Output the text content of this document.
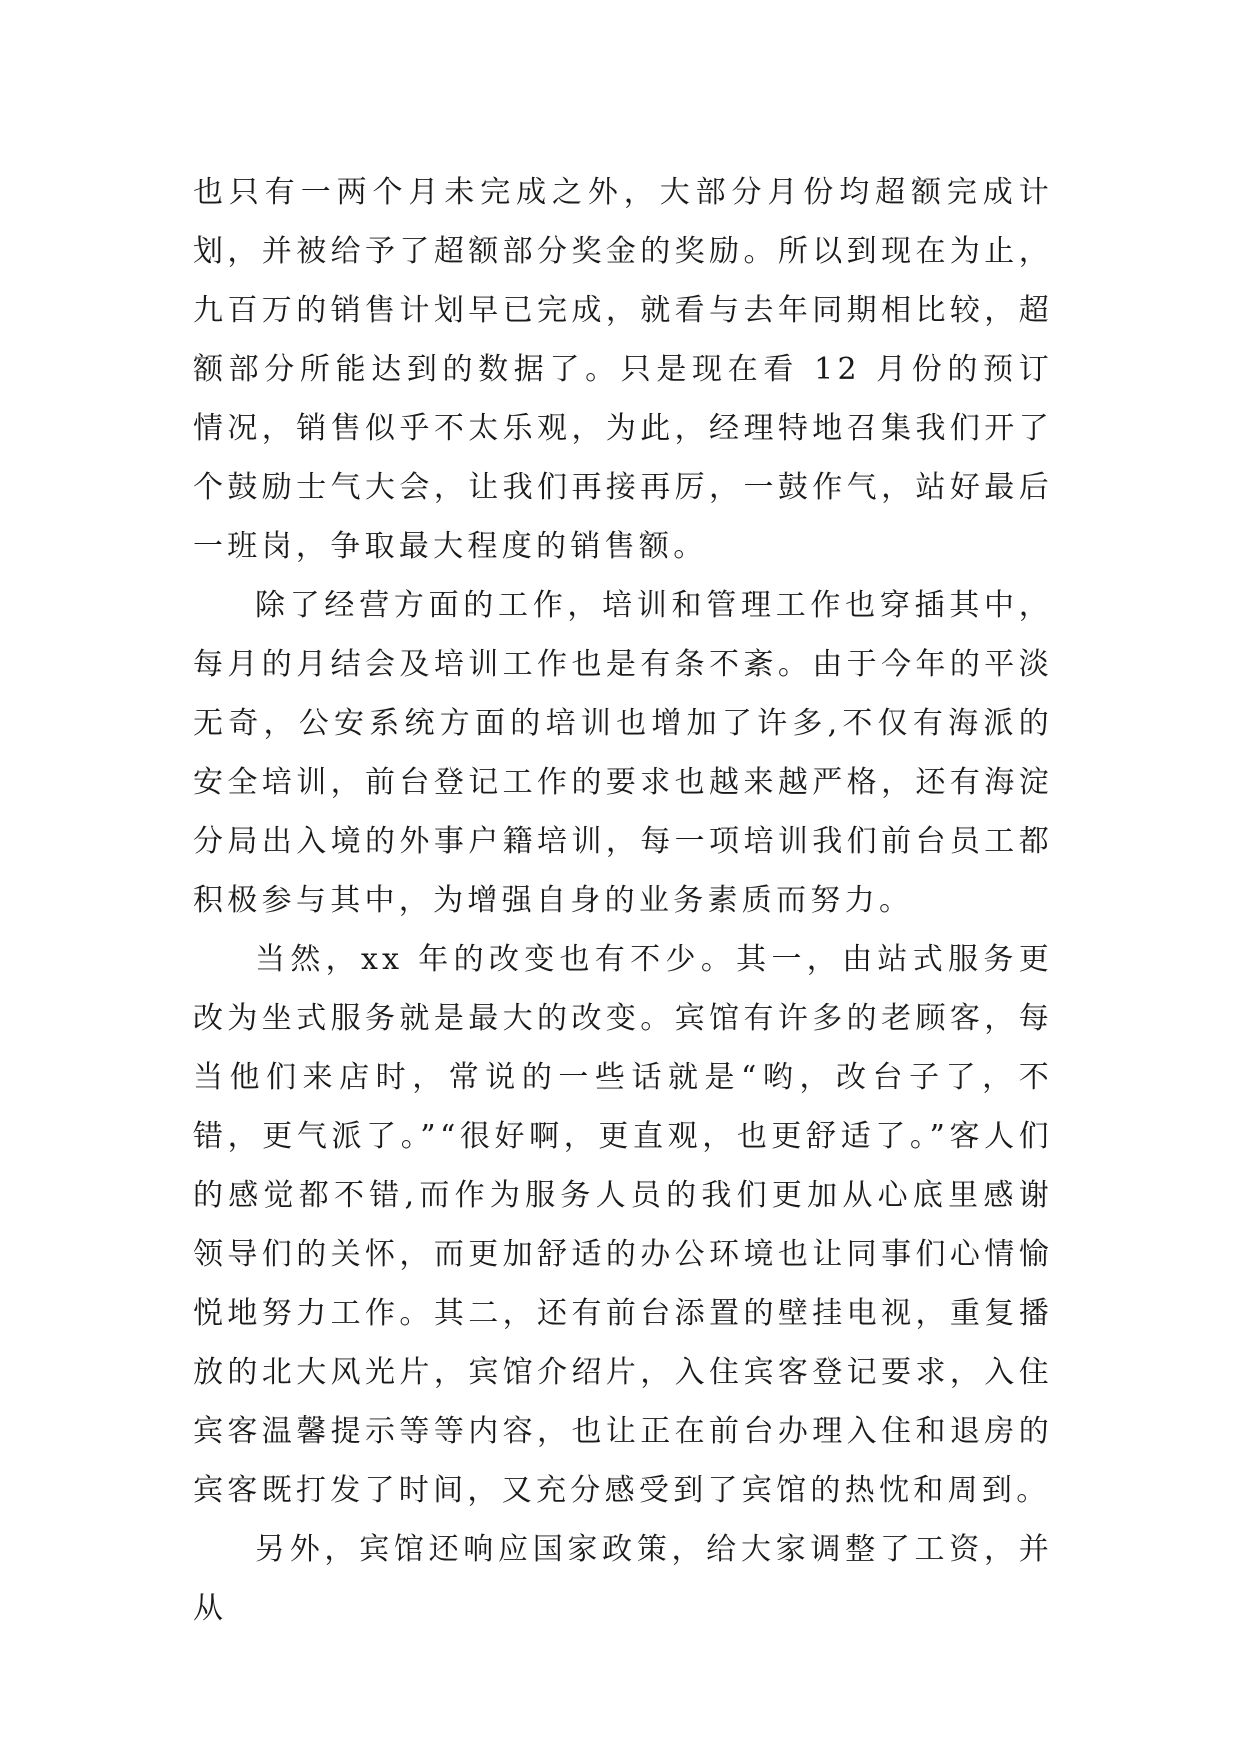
也只有一两个月未完成之外，大部分月份均超额完成计划，并被给予了超额部分奖金的奖励。所以到现在为止，九百万的销售计划早已完成，就看与去年同期相比较，超额部分所能达到的数据了。只是现在看 12 月份的预订情况，销售似乎不太乐观，为此，经理特地召集我们开了个鼓励士气大会，让我们再接再厉，一鼓作气，站好最后一班岗，争取最大程度的销售额。

除了经营方面的工作，培训和管理工作也穿插其中，每月的月结会及培训工作也是有条不紊。由于今年的平淡无奇，公安系统方面的培训也增加了许多,不仅有海派的安全培训，前台登记工作的要求也越来越严格，还有海淀分局出入境的外事户籍培训，每一项培训我们前台员工都积极参与其中，为增强自身的业务素质而努力。

当然，xx 年的改变也有不少。其一，由站式服务更改为坐式服务就是最大的改变。宾馆有许多的老顾客，每当他们来店时，常说的一些话就是“哟，改台子了，不错，更气派了。”“很好啊，更直观，也更舒适了。”客人们的感觉都不错,而作为服务人员的我们更加从心底里感谢领导们的关怀，而更加舒适的办公环境也让同事们心情愉悦地努力工作。其二，还有前台添置的壁挂电视，重复播放的北大风光片，宾馆介绍片，入住宾客登记要求，入住宾客温馨提示等等内容，也让正在前台办理入住和退房的宾客既打发了时间，又充分感受到了宾馆的热忱和周到。

另外，宾馆还响应国家政策，给大家调整了工资，并从
